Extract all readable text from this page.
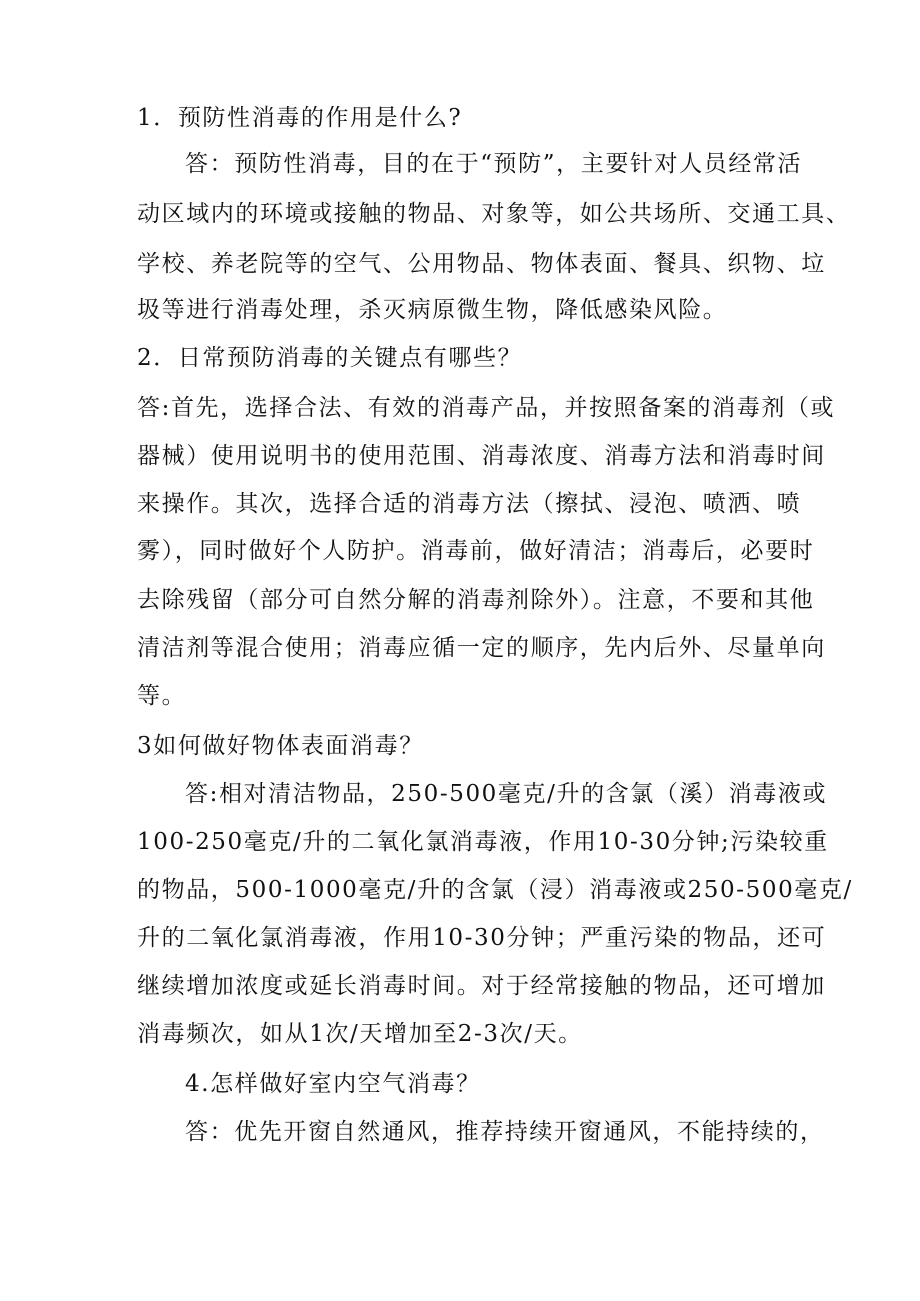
1．预防性消毒的作用是什么?
答：预防性消毒，目的在于“预防”，主要针对人员经常活
动区域内的环境或接触的物品、对象等，如公共场所、交通工具、
学校、养老院等的空气、公用物品、物体表面、餐具、织物、垃
圾等进行消毒处理，杀灭病原微生物，降低感染风险。
2．日常预防消毒的关键点有哪些？
答:首先，选择合法、有效的消毒产品，并按照备案的消毒剂（或
器械）使用说明书的使用范围、消毒浓度、消毒方法和消毒时间
来操作。其次，选择合适的消毒方法（擦拭、浸泡、喷洒、喷
雾），同时做好个人防护。消毒前，做好清洁；消毒后，必要时
去除残留（部分可自然分解的消毒剂除外）。注意，不要和其他
清洁剂等混合使用；消毒应循一定的顺序，先内后外、尽量单向
等。
3如何做好物体表面消毒？
答:相对清洁物品，250-500毫克/升的含氯（溪）消毒液或
100-250毫克/升的二氧化氯消毒液，作用10-30分钟;污染较重
的物品，500-1000毫克/升的含氯（浸）消毒液或250-500毫克/
升的二氧化氯消毒液，作用10-30分钟；严重污染的物品，还可
继续增加浓度或延长消毒时间。对于经常接触的物品，还可增加
消毒频次，如从1次/天增加至2-3次/天。
4.怎样做好室内空气消毒？
答：优先开窗自然通风，推荐持续开窗通风，不能持续的，
